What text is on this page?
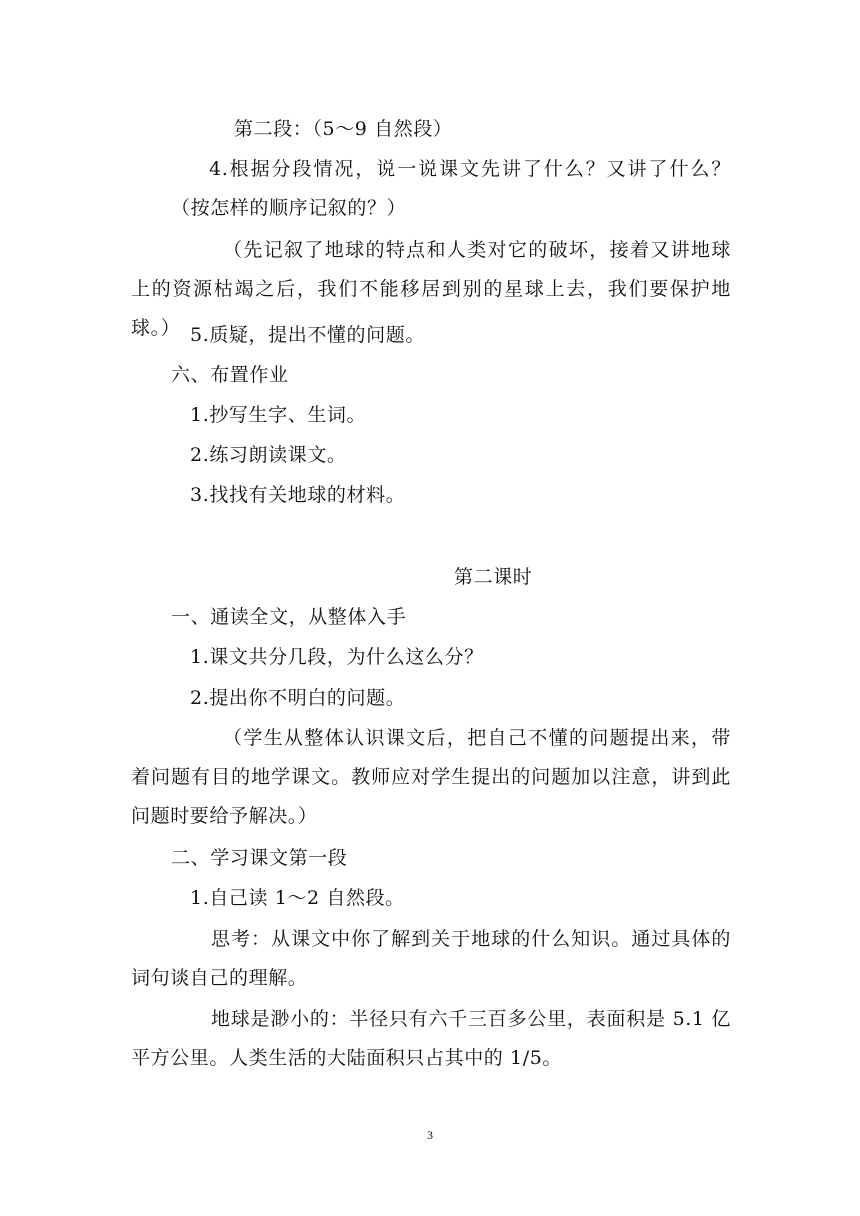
第二段：（5～9 自然段）
4.根据分段情况，说一说课文先讲了什么？又讲了什么？（按怎样的顺序记叙的？）
（先记叙了地球的特点和人类对它的破坏，接着又讲地球上的资源枯竭之后，我们不能移居到别的星球上去，我们要保护地球。） 5.质疑，提出不懂的问题。
六、布置作业
1.抄写生字、生词。
2.练习朗读课文。
3.找找有关地球的材料。
第二课时
一、通读全文，从整体入手
1.课文共分几段，为什么这么分？
2.提出你不明白的问题。
（学生从整体认识课文后，把自己不懂的问题提出来，带着问题有目的地学课文。教师应对学生提出的问题加以注意，讲到此问题时要给予解决。）
二、学习课文第一段
1.自己读 1～2 自然段。
思考：从课文中你了解到关于地球的什么知识。通过具体的词句谈自己的理解。
地球是渺小的：半径只有六千三百多公里，表面积是 5.1 亿平方公里。人类生活的大陆面积只占其中的 1/5。
3
